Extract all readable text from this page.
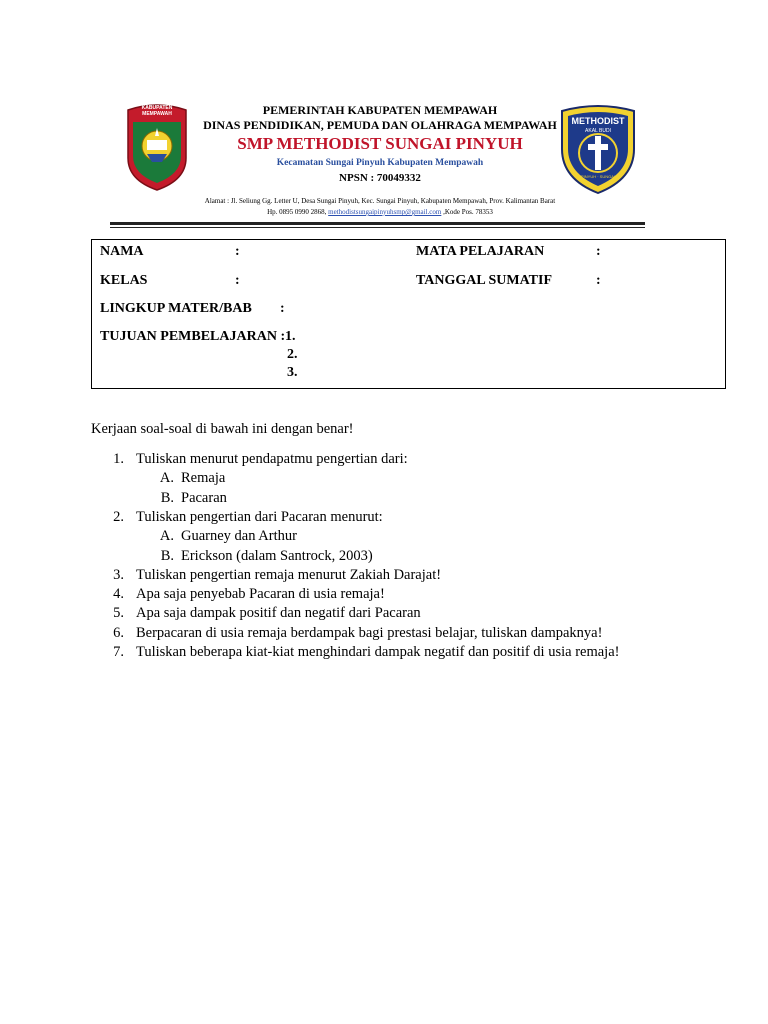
KABUPATEN MEMPAWAH	PEMERINTAH KABUPATEN MEMPAWAH
DINAS PENDIDIKAN, PEMUDA DAN OLAHRAGA MEMPAWAH
SMP METHODIST SUNGAI PINYUH
Kecamatan Sungai Pinyuh Kabupaten Mempawah
NPSN : 70049332
Alamat : Jl. Seliung Gg. Letter U, Desa Sungai Pinyuh, Kec. Sungai Pinyuh, Kabupaten Mempawah, Prov. Kalimantan Barat
Hp. 0895 0990 2868, methodistsungaipinyuhsmp@gmail.com ,Kode Pos. 78353
METHODIST
AKAL BUDI
PINYUH · SUNGAI
NAMA	:	MATA PELAJARAN	:
KELAS	:	TANGGAL SUMATIF	:
LINGKUP MATER/BAB :
TUJUAN PEMBELAJARAN : 1.
2.
3.
Kerjaan soal-soal di bawah ini dengan benar!
1. Tuliskan menurut pendapatmu pengertian dari:
A. Remaja
B. Pacaran
2. Tuliskan pengertian dari Pacaran menurut:
A. Guarney dan Arthur
B. Erickson (dalam Santrock, 2003)
3. Tuliskan pengertian remaja menurut Zakiah Darajat!
4. Apa saja penyebab Pacaran di usia remaja!
5. Apa saja dampak positif dan negatif dari Pacaran
6. Berpacaran di usia remaja berdampak bagi prestasi belajar, tuliskan dampaknya!
7. Tuliskan beberapa kiat-kiat menghindari dampak negatif dan positif di usia remaja!
